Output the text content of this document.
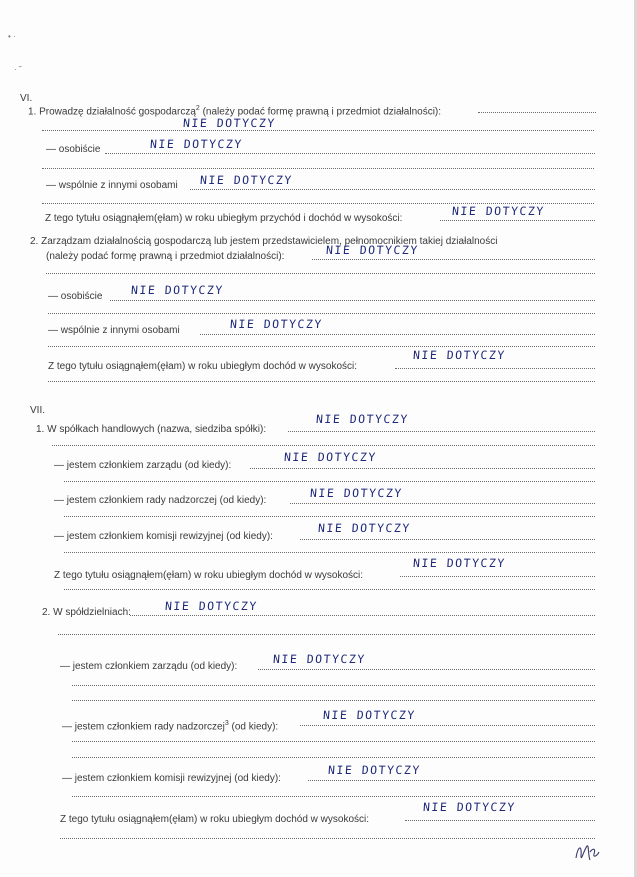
• ·
· ˜
VI.
1. Prowadzę działalność gospodarczą$^2$ (należy podać formę prawną i przedmiot działalności):
NIE DOTYCZY
— osobiście	NIE DOTYCZY
— wspólnie z innymi osobami NIE DOTYCZY
Z tego tytułu osiągnąłem(ęłam) w roku ubiegłym przychód i dochód w wysokości:
NIE DOTYCZY
2. Zarządzam działalnością gospodarczą lub jestem przedstawicielem, pełnomocnikiem takiej działalności
(należy podać formę prawną i przedmiot działalności):	NIE DOTYCZY
— osobiście NIE DOTYCZY
— wspólnie z innymi osobami	NIE DOTYCZY
Z tego tytułu osiągnąłem(ęłam) w roku ubiegłym dochód w wysokości:
NIE DOTYCZY
VII.
1. W spółkach handlowych (nazwa, siedziba spółki):
NIE DOTYCZY
— jestem członkiem zarządu (od kiedy):
NIE DOTYCZY
— jestem członkiem rady nadzorczej (od kiedy):
NIE DOTYCZY
— jestem członkiem komisji rewizyjnej (od kiedy):
NIE DOTYCZY
Z tego tytułu osiągnąłem(ęłam) w roku ubiegłym dochód w wysokości:
NIE DOTYCZY
2. W spółdzielniach:	NIE DOTYCZY
— jestem członkiem zarządu (od kiedy):
NIE DOTYCZY
— jestem członkiem rady nadzorczej$^3$ (od kiedy):
NIE DOTYCZY
— jestem członkiem komisji rewizyjnej (od kiedy):
NIE DOTYCZY
Z tego tytułu osiągnąłem(ęłam) w roku ubiegłym dochód w wysokości:
NIE DOTYCZY
